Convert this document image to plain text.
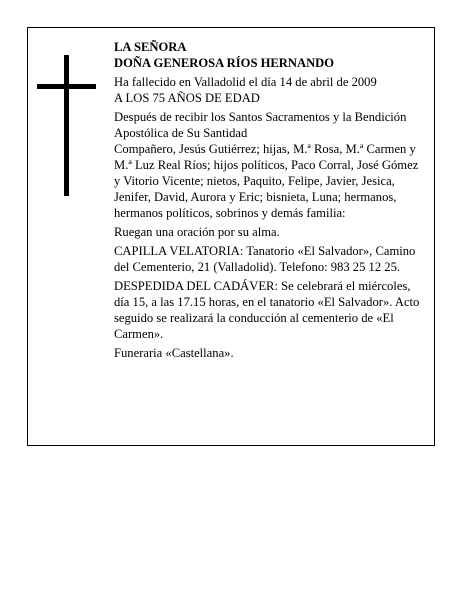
LA SEÑORA

DOÑA GENEROSA RÍOS HERNANDO

Ha fallecido en Valladolid el día 14 de abril de 2009

A LOS 75 AÑOS DE EDAD

Después de recibir los Santos Sacramentos y la Bendición Apostólica de Su Santidad

Compañero, Jesús Gutiérrez; hijas, M.ª Rosa, M.ª Carmen y M.ª Luz Real Ríos; hijos políticos, Paco Corral, José Gómez y Vitorio Vicente; nietos, Paquito, Felipe, Javier, Jesica, Jenifer, David, Aurora y Eric; bisnieta, Luna; hermanos, hermanos políticos, sobrinos y demás familia:

Ruegan una oración por su alma.

CAPILLA VELATORIA: Tanatorio «El Salvador», Camino del Cementerio, 21 (Valladolid). Telefono: 983 25 12 25.

DESPEDIDA DEL CADÁVER: Se celebrará el miércoles, día 15, a las 17.15 horas, en el tanatorio «El Salvador». Acto seguido se realizará la conducción al cementerio de «El Carmen».

Funeraria «Castellana».
